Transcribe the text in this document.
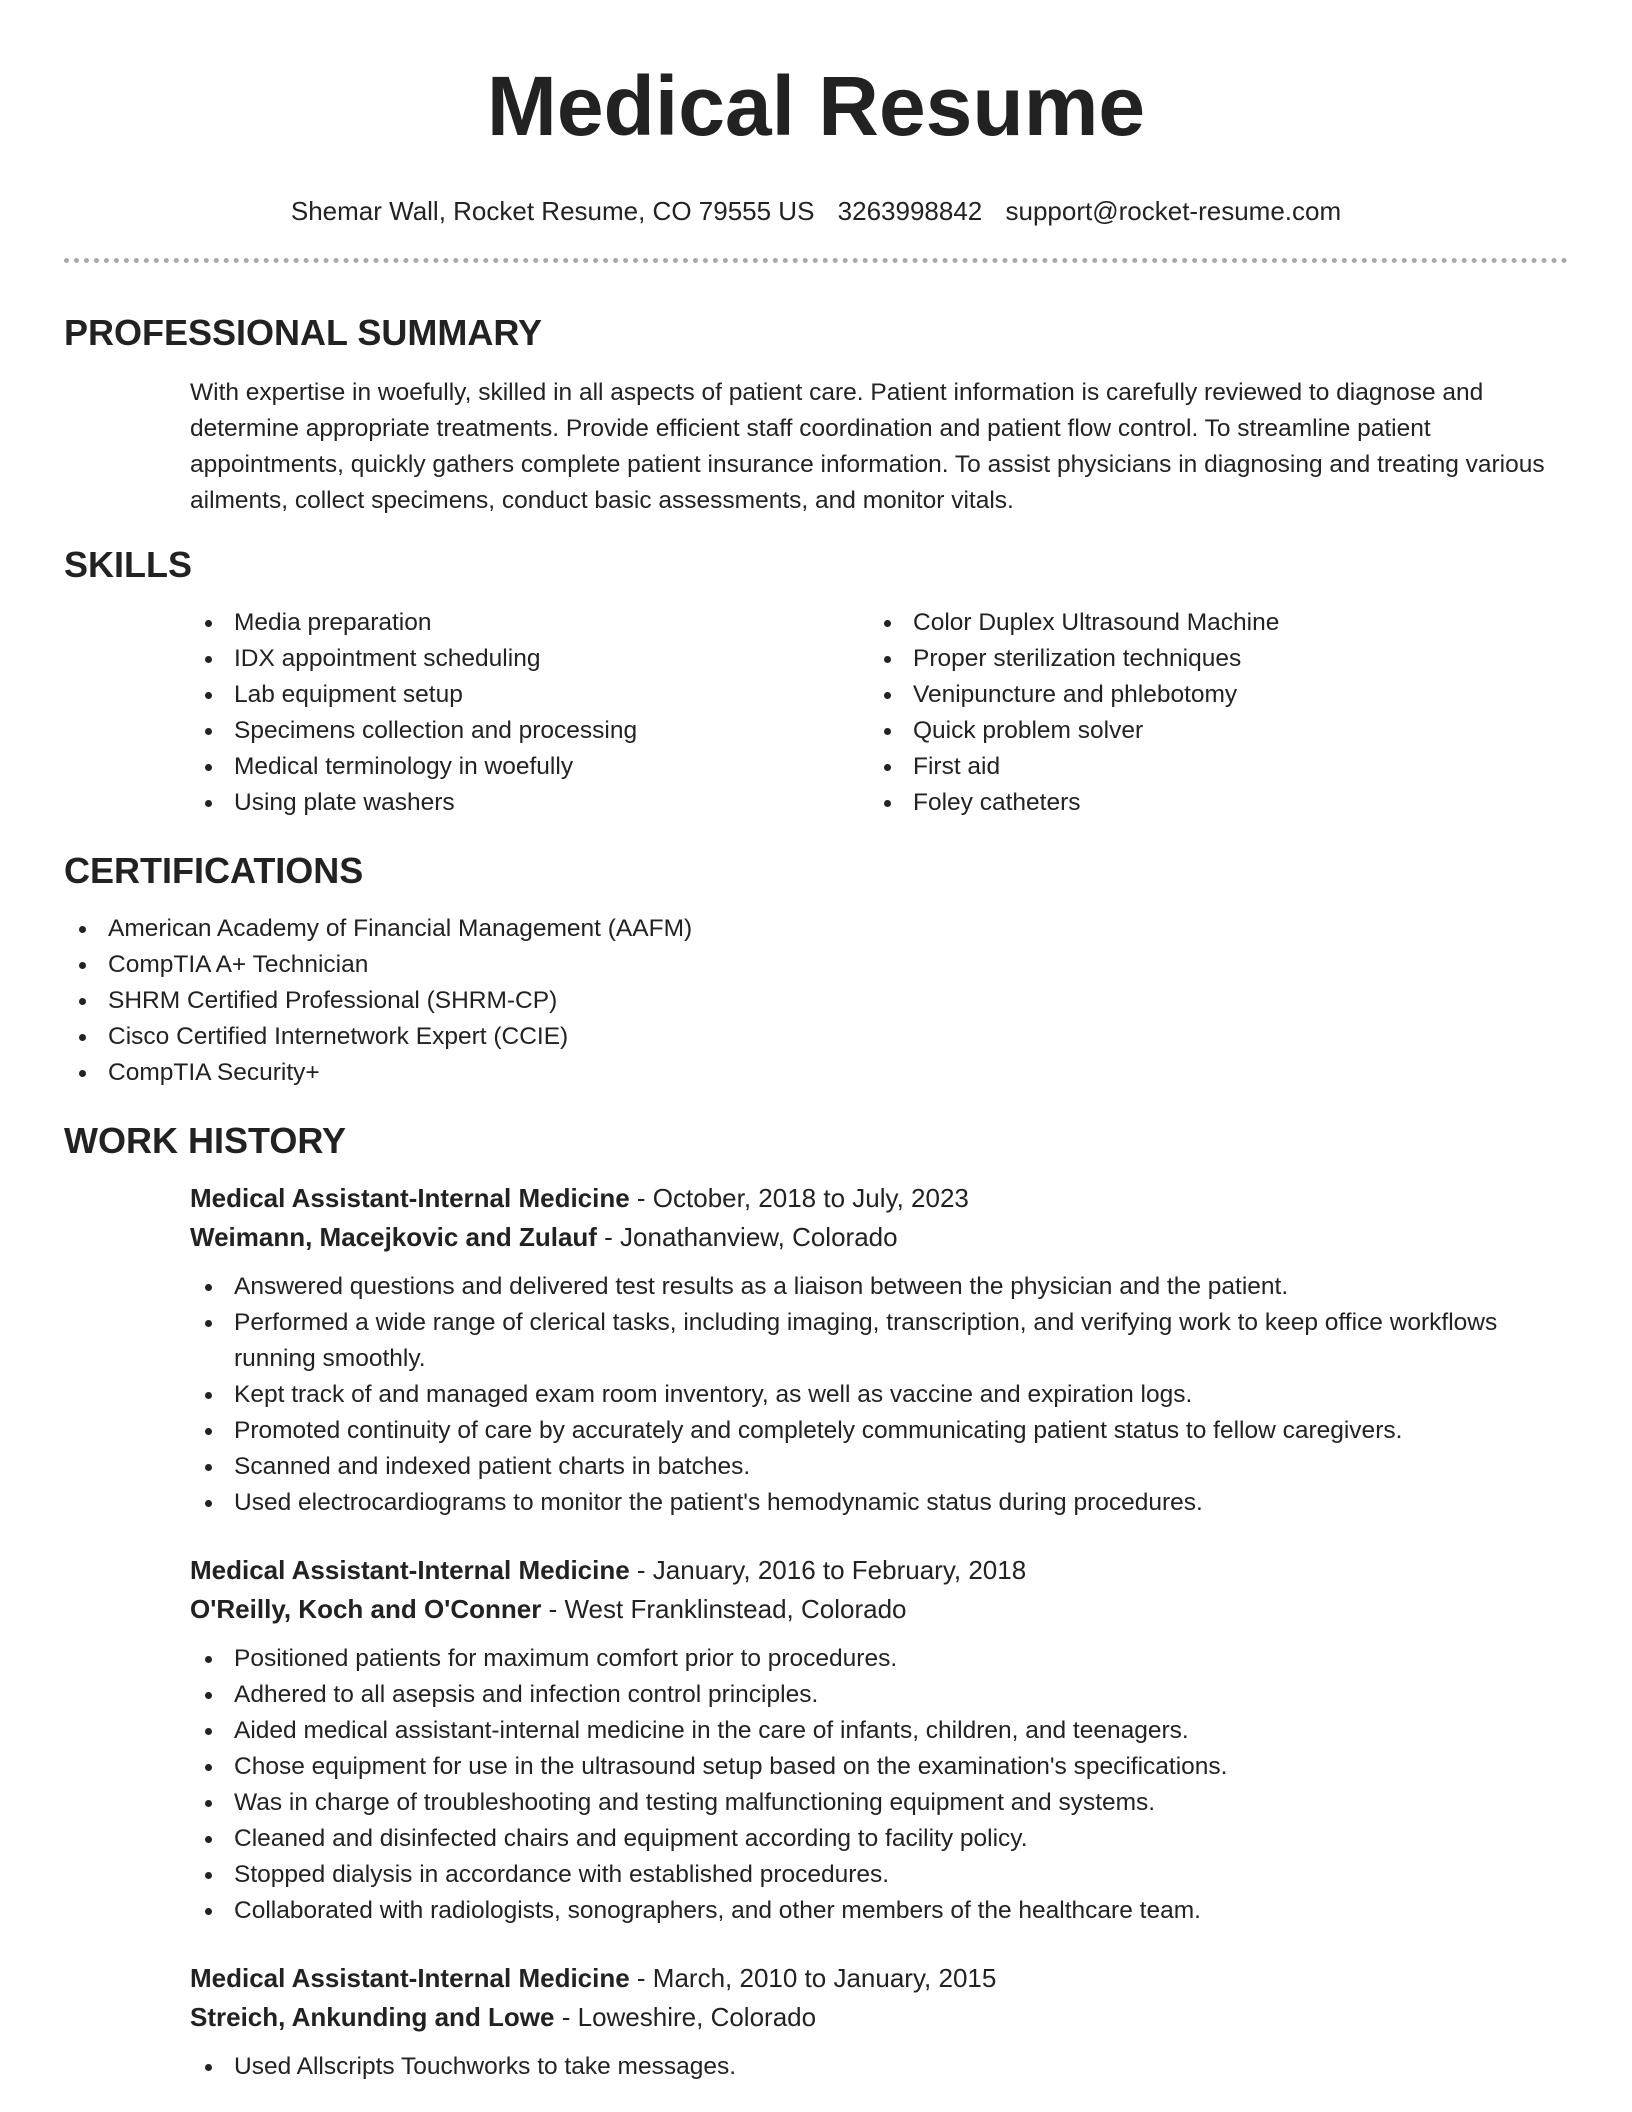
Medical Resume
Shemar Wall, Rocket Resume, CO 79555 US 3263998842 support@rocket-resume.com
PROFESSIONAL SUMMARY
With expertise in woefully, skilled in all aspects of patient care. Patient information is carefully reviewed to diagnose and determine appropriate treatments. Provide efficient staff coordination and patient flow control. To streamline patient appointments, quickly gathers complete patient insurance information. To assist physicians in diagnosing and treating various ailments, collect specimens, conduct basic assessments, and monitor vitals.
SKILLS
Media preparation
IDX appointment scheduling
Lab equipment setup
Specimens collection and processing
Medical terminology in woefully
Using plate washers
Color Duplex Ultrasound Machine
Proper sterilization techniques
Venipuncture and phlebotomy
Quick problem solver
First aid
Foley catheters
CERTIFICATIONS
American Academy of Financial Management (AAFM)
CompTIA A+ Technician
SHRM Certified Professional (SHRM-CP)
Cisco Certified Internetwork Expert (CCIE)
CompTIA Security+
WORK HISTORY
Medical Assistant-Internal Medicine - October, 2018 to July, 2023
Weimann, Macejkovic and Zulauf - Jonathanview, Colorado
Answered questions and delivered test results as a liaison between the physician and the patient.
Performed a wide range of clerical tasks, including imaging, transcription, and verifying work to keep office workflows running smoothly.
Kept track of and managed exam room inventory, as well as vaccine and expiration logs.
Promoted continuity of care by accurately and completely communicating patient status to fellow caregivers.
Scanned and indexed patient charts in batches.
Used electrocardiograms to monitor the patient's hemodynamic status during procedures.
Medical Assistant-Internal Medicine - January, 2016 to February, 2018
O'Reilly, Koch and O'Conner - West Franklinstead, Colorado
Positioned patients for maximum comfort prior to procedures.
Adhered to all asepsis and infection control principles.
Aided medical assistant-internal medicine in the care of infants, children, and teenagers.
Chose equipment for use in the ultrasound setup based on the examination's specifications.
Was in charge of troubleshooting and testing malfunctioning equipment and systems.
Cleaned and disinfected chairs and equipment according to facility policy.
Stopped dialysis in accordance with established procedures.
Collaborated with radiologists, sonographers, and other members of the healthcare team.
Medical Assistant-Internal Medicine - March, 2010 to January, 2015
Streich, Ankunding and Lowe - Loweshire, Colorado
Used Allscripts Touchworks to take messages.
